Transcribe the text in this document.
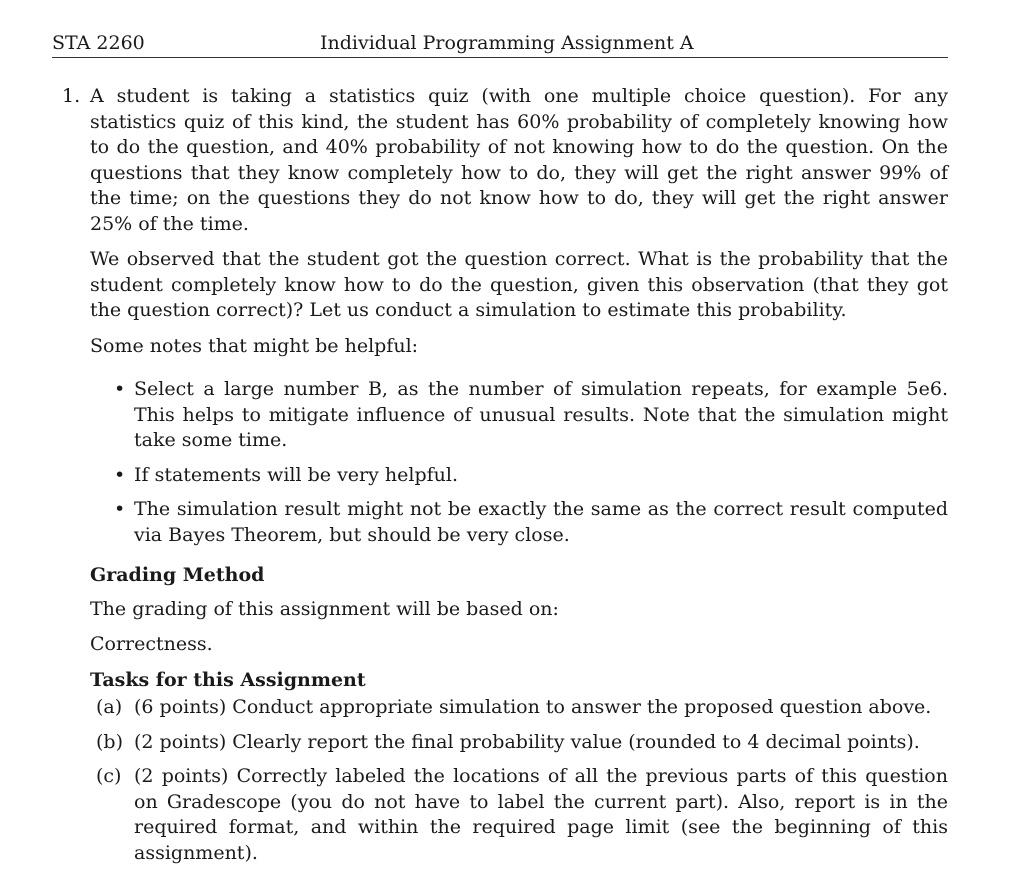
STA 2260	Individual Programming Assignment A
1. A student is taking a statistics quiz (with one multiple choice question). For any statistics quiz of this kind, the student has 60% probability of completely knowing how to do the question, and 40% probability of not knowing how to do the question. On the questions that they know completely how to do, they will get the right answer 99% of the time; on the questions they do not know how to do, they will get the right answer 25% of the time.

We observed that the student got the question correct. What is the probability that the student completely know how to do the question, given this observation (that they got the question correct)? Let us conduct a simulation to estimate this probability.

Some notes that might be helpful:

• Select a large number B, as the number of simulation repeats, for example 5e6. This helps to mitigate influence of unusual results. Note that the simulation might take some time.
• If statements will be very helpful.
• The simulation result might not be exactly the same as the correct result computed via Bayes Theorem, but should be very close.
Grading Method

The grading of this assignment will be based on:

Correctness.

Tasks for this Assignment
(a) (6 points) Conduct appropriate simulation to answer the proposed question above.
(b) (2 points) Clearly report the final probability value (rounded to 4 decimal points).
(c) (2 points) Correctly labeled the locations of all the previous parts of this question on Gradescope (you do not have to label the current part). Also, report is in the required format, and within the required page limit (see the beginning of this assignment).
